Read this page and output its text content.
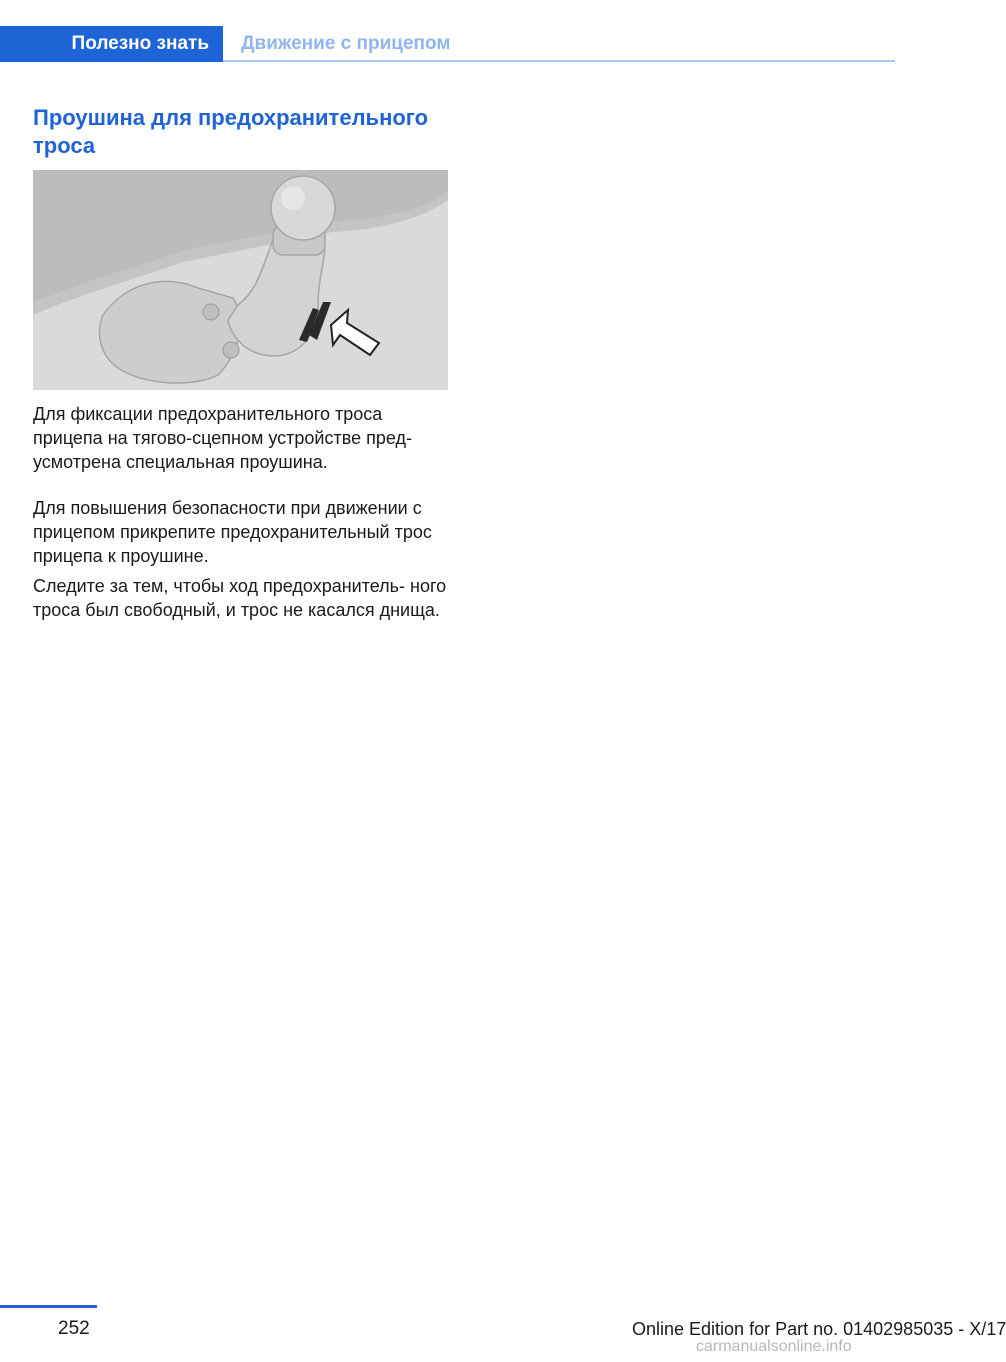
Полезно знать	Движение с прицепом
Проушина для предохранительного троса

Для фиксации предохранительного троса прицепа на тягово-сцепном устройстве пред- усмотрена специальная проушина.

Для повышения безопасности при движении с прицепом прикрепите предохранительный трос прицепа к проушине.

Следите за тем, чтобы ход предохранитель- ного троса был свободный, и трос не касался днища.

252	Online Edition for Part no. 01402985035 - X/17
carmanualsonline.info
